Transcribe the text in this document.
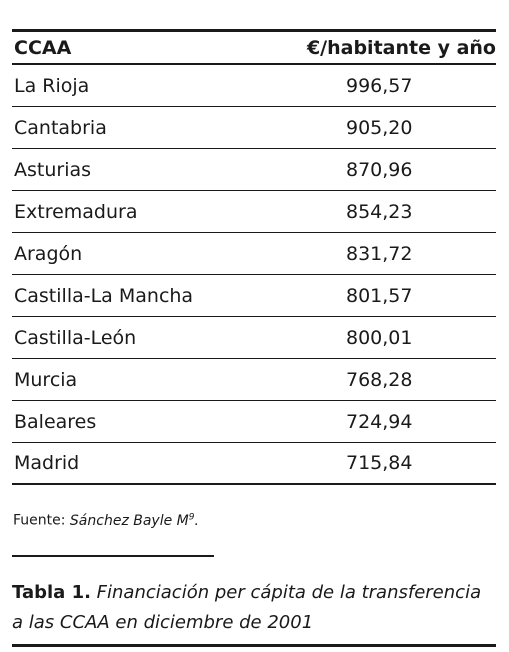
CCAA	€/habitante y año
La Rioja	996,57
Cantabria	905,20
Asturias	870,96
Extremadura	854,23
Aragón	831,72
Castilla-La Mancha	801,57
Castilla-León	800,01
Murcia	768,28
Baleares	724,94
Madrid	715,84
Fuente: Sánchez Bayle $M^9$.
Tabla 1. Financiación per cápita de la transferencia a las CCAA en diciembre de 2001
